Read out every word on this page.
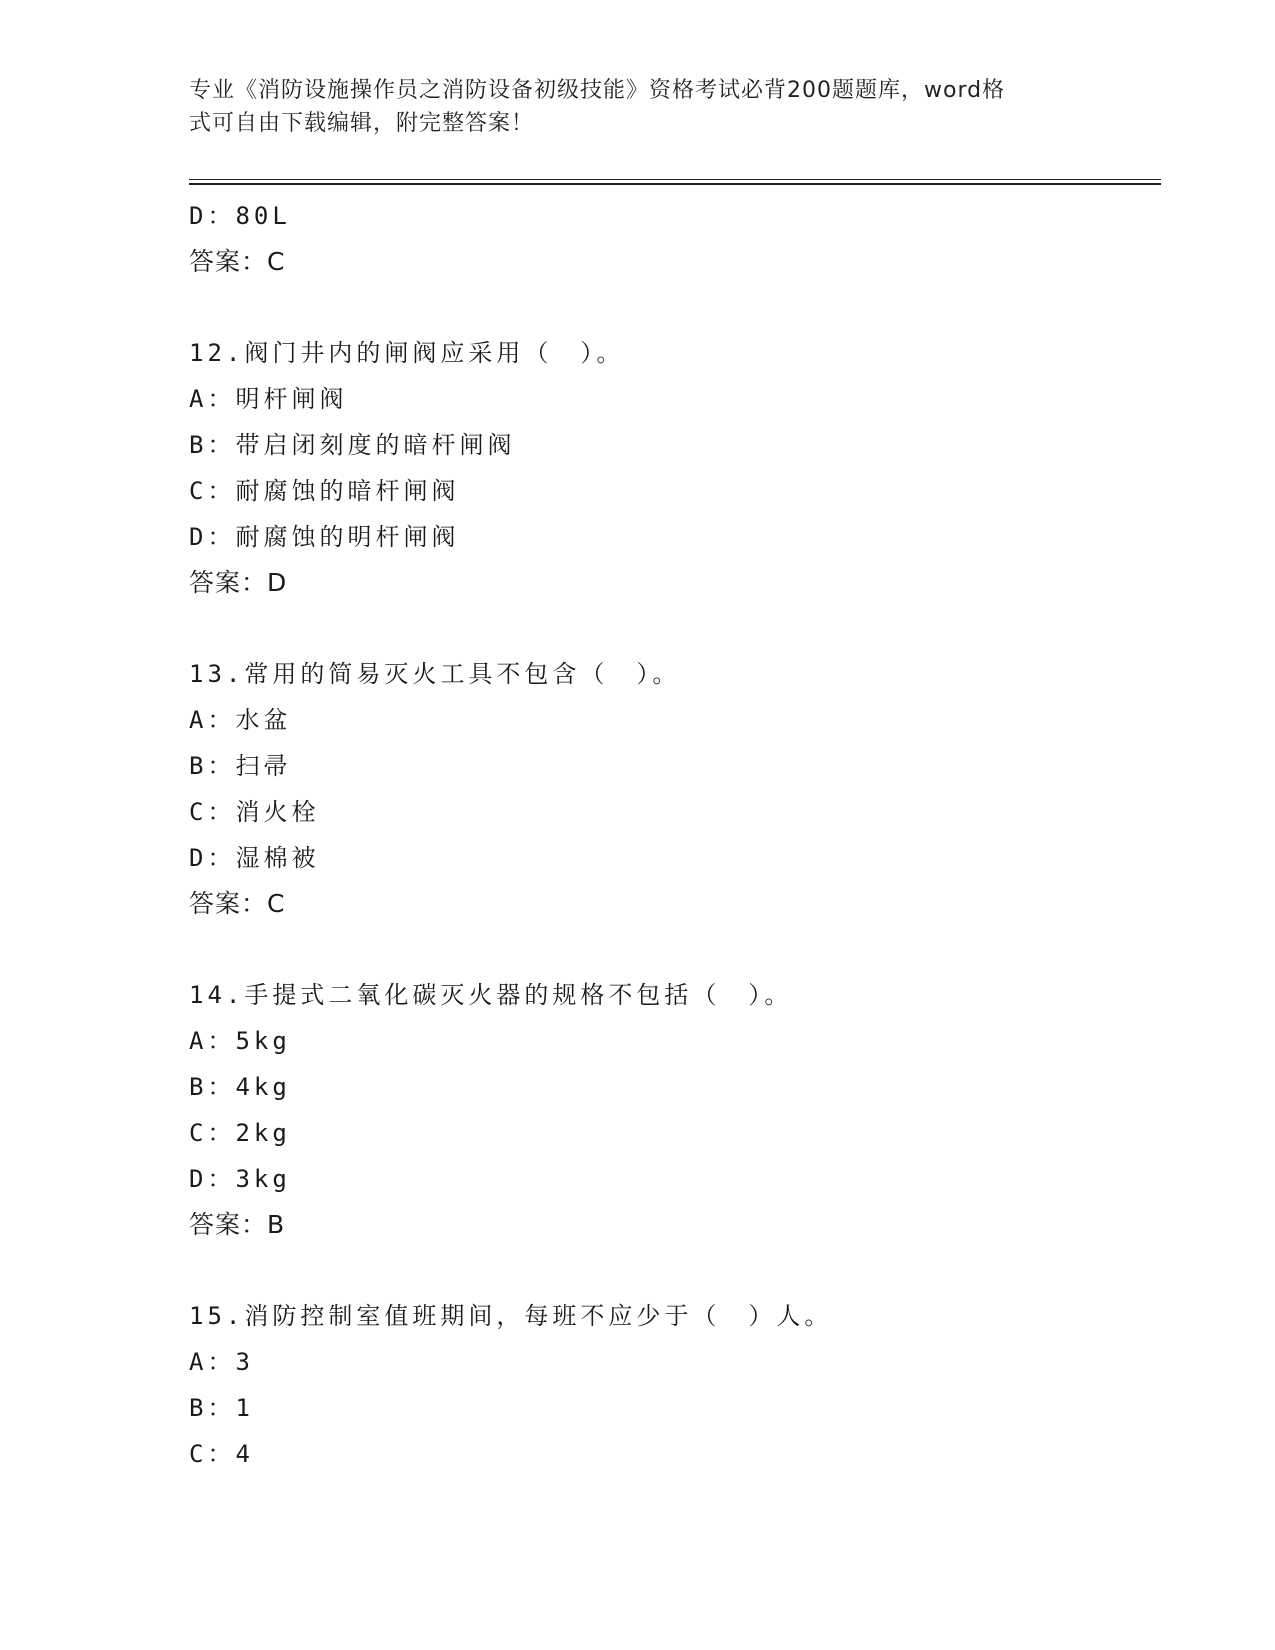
专业《消防设施操作员之消防设备初级技能》资格考试必背200题题库，word格
式可自由下载编辑，附完整答案！
D：80L
答案：C
12.阀门井内的闸阀应采用（　）。
A：明杆闸阀
B：带启闭刻度的暗杆闸阀
C：耐腐蚀的暗杆闸阀
D：耐腐蚀的明杆闸阀
答案：D
13.常用的简易灭火工具不包含（　）。
A：水盆
B：扫帚
C：消火栓
D：湿棉被
答案：C
14.手提式二氧化碳灭火器的规格不包括（　）。
A：5kg
B：4kg
C：2kg
D：3kg
答案：B
15.消防控制室值班期间，每班不应少于（　）人。
A：3
B：1
C：4
